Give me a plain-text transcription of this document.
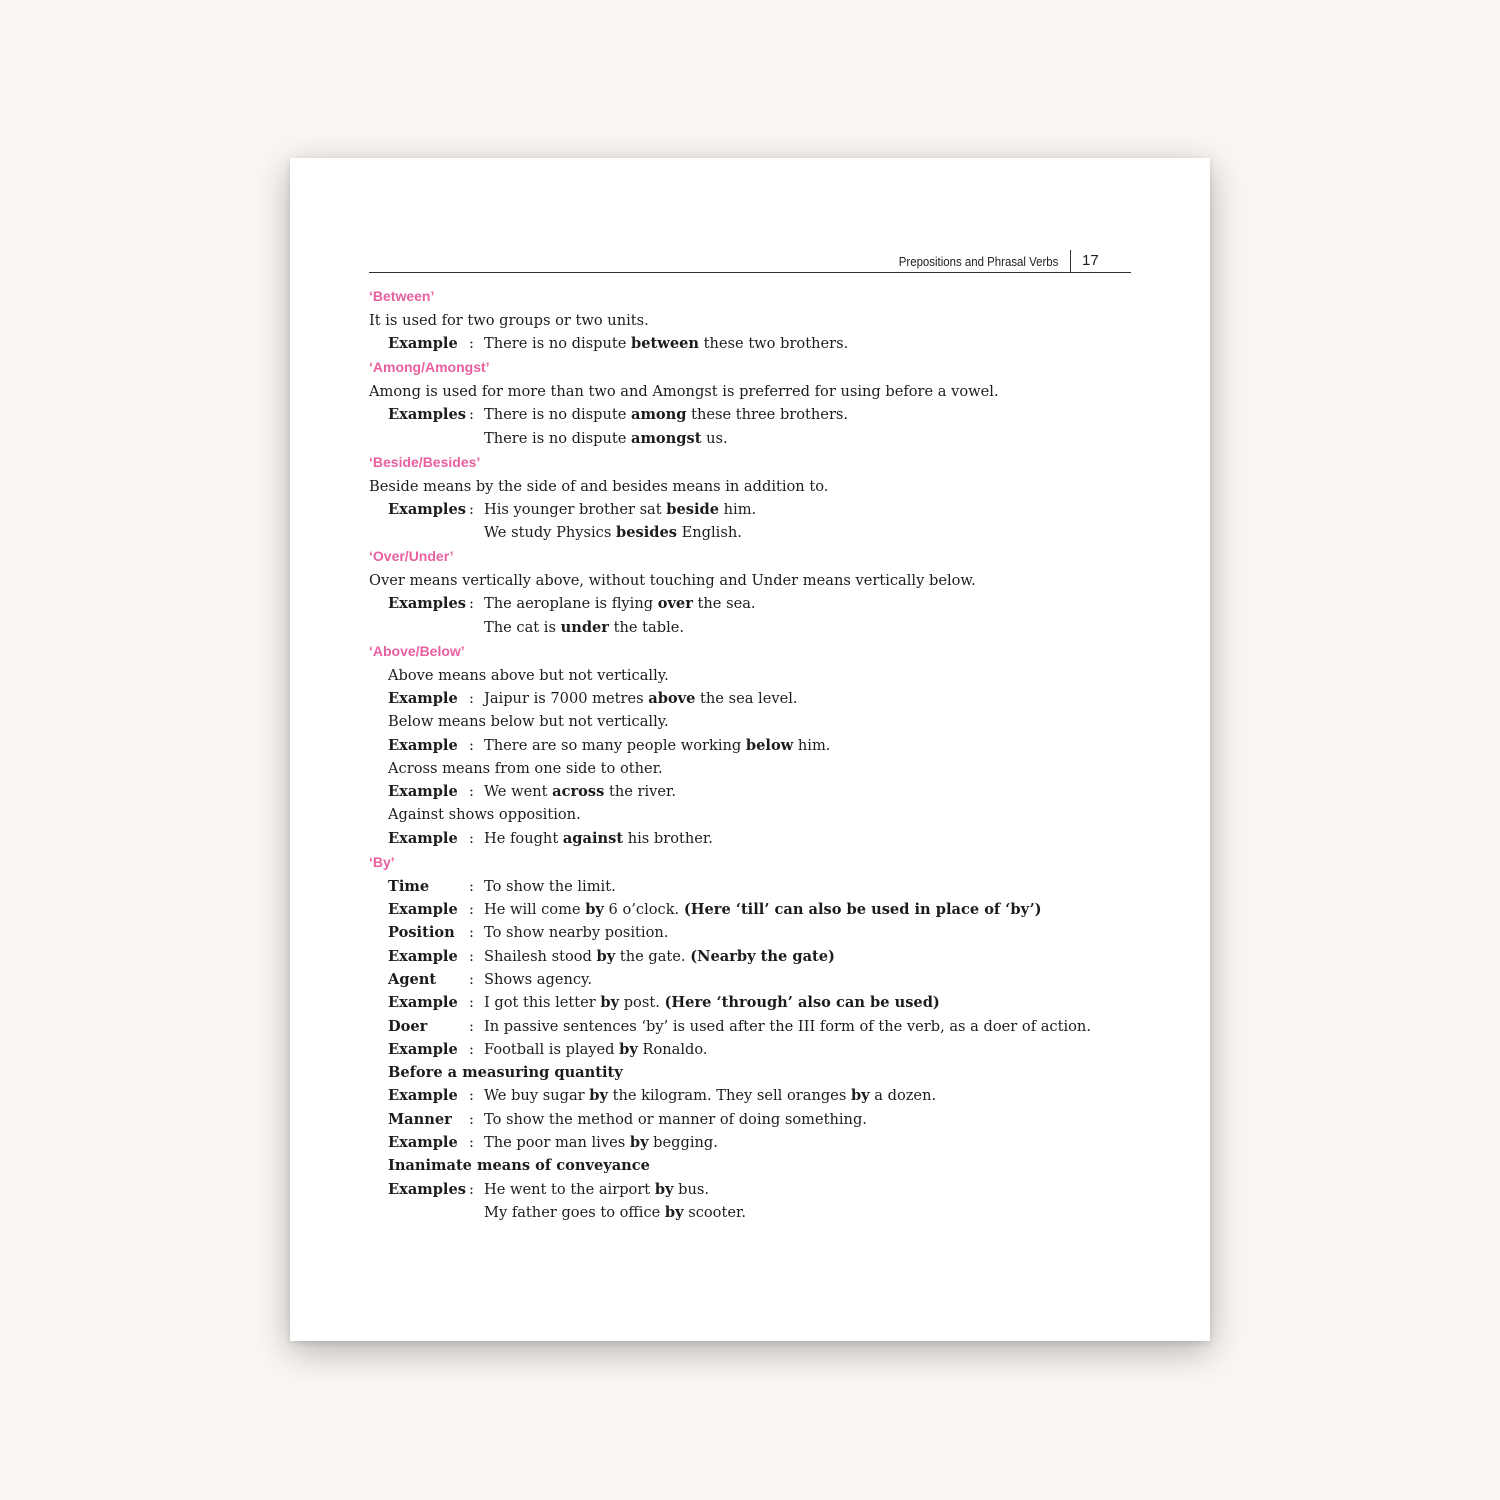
Prepositions and Phrasal Verbs 17
‘Between’
It is used for two groups or two units.
Example : There is no dispute between these two brothers.
‘Among/Amongst’
Among is used for more than two and Amongst is preferred for using before a vowel.
Examples : There is no dispute among these three brothers.
There is no dispute amongst us.
‘Beside/Besides’
Beside means by the side of and besides means in addition to.
Examples : His younger brother sat beside him.
We study Physics besides English.
‘Over/Under’
Over means vertically above, without touching and Under means vertically below.
Examples : The aeroplane is flying over the sea.
The cat is under the table.
‘Above/Below’
Above means above but not vertically.
Example : Jaipur is 7000 metres above the sea level.
Below means below but not vertically.
Example : There are so many people working below him.
Across means from one side to other.
Example : We went across the river.
Against shows opposition.
Example : He fought against his brother.
‘By’
Time	: To show the limit.
Example : He will come by 6 o’clock. (Here ‘till’ can also be used in place of ‘by’)
Position : To show nearby position.
Example : Shailesh stood by the gate. (Nearby the gate)
Agent : Shows agency.
Example : I got this letter by post. (Here ‘through’ also can be used)
Doer	: In passive sentences ‘by’ is used after the III form of the verb, as a doer of action.
Example : Football is played by Ronaldo.
Before a measuring quantity
Example : We buy sugar by the kilogram. They sell oranges by a dozen.
Manner : To show the method or manner of doing something.
Example : The poor man lives by begging.
Inanimate means of conveyance
Examples : He went to the airport by bus.
My father goes to office by scooter.
